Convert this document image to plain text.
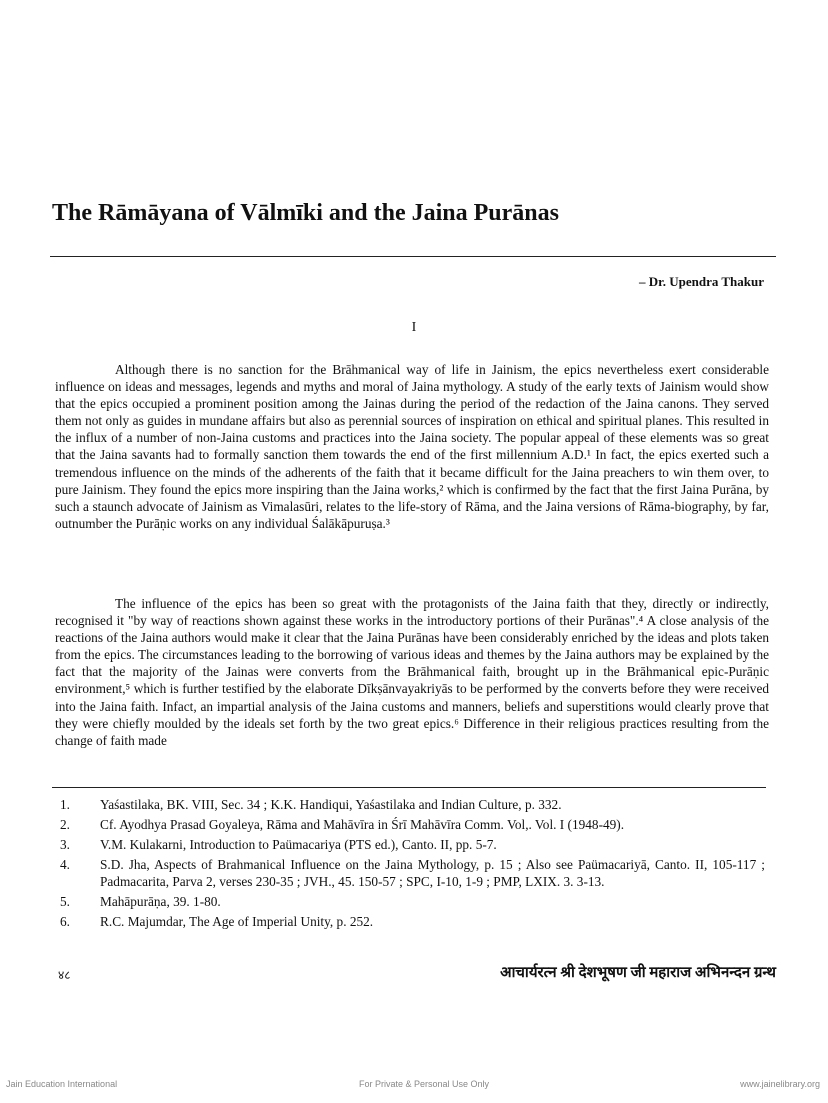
The Rāmāyana of Vālmīki and the Jaina Purānas
– Dr. Upendra Thakur
I

Although there is no sanction for the Brāhmanical way of life in Jainism, the epics nevertheless exert considerable influence on ideas and messages, legends and myths and moral of Jaina mythology. A study of the early texts of Jainism would show that the epics occupied a prominent position among the Jainas during the period of the redaction of the Jaina canons. They served them not only as guides in mundane affairs but also as perennial sources of inspiration on ethical and spiritual planes. This resulted in the influx of a number of non-Jaina customs and practices into the Jaina society. The popular appeal of these elements was so great that the Jaina savants had to formally sanction them towards the end of the first millennium A.D.¹ In fact, the epics exerted such a tremendous influence on the minds of the adherents of the faith that it became difficult for the Jaina preachers to win them over, to pure Jainism. They found the epics more inspiring than the Jaina works,² which is confirmed by the fact that the first Jaina Purāna, by such a staunch advocate of Jainism as Vimalasūri, relates to the life-story of Rāma, and the Jaina versions of Rāma-biography, by far, outnumber the Purāṇic works on any individual Śalākāpuruṣa.³

The influence of the epics has been so great with the protagonists of the Jaina faith that they, directly or indirectly, recognised it "by way of reactions shown against these works in the introductory portions of their Purānas".⁴ A close analysis of the reactions of the Jaina authors would make it clear that the Jaina Purānas have been considerably enriched by the ideas and plots taken from the epics. The circumstances leading to the borrowing of various ideas and themes by the Jaina authors may be explained by the fact that the majority of the Jainas were converts from the Brāhmanical faith, brought up in the Brāhmanical epic-Purāṇic environment,⁵ which is further testified by the elaborate Dīkṣānvayakriyās to be performed by the converts before they were received into the Jaina faith. Infact, an impartial analysis of the Jaina customs and manners, beliefs and superstitions would clearly prove that they were chiefly moulded by the ideals set forth by the two great epics.⁶ Difference in their religious practices resulting from the change of faith made

1.	Yaśastilaka, BK. VIII, Sec. 34 ; K.K. Handiqui, Yaśastilaka and Indian Culture, p. 332.
2.	Cf. Ayodhya Prasad Goyaleya, Rāma and Mahāvīra in Śrī Mahāvīra Comm. Vol,. Vol. I (1948-49).
3.	V.M. Kulakarni, Introduction to Paümacariya (PTS ed.), Canto. II, pp. 5-7.
4.	S.D. Jha, Aspects of Brahmanical Influence on the Jaina Mythology, p. 15 ; Also see Paümacariyā, Canto. II, 105-117 ; Padmacarita, Parva 2, verses 230-35 ; JVH., 45. 150-57 ; SPC, I-10, 1-9 ; PMP, LXIX. 3. 3-13.
5.	Mahāpurāṇa, 39. 1-80.
6.	R.C. Majumdar, The Age of Imperial Unity, p. 252.
४८	आचार्यरत्न श्री देशभूषण जी महाराज अभिनन्दन ग्रन्थ
Jain Education International	For Private & Personal Use Only	www.jainelibrary.org
